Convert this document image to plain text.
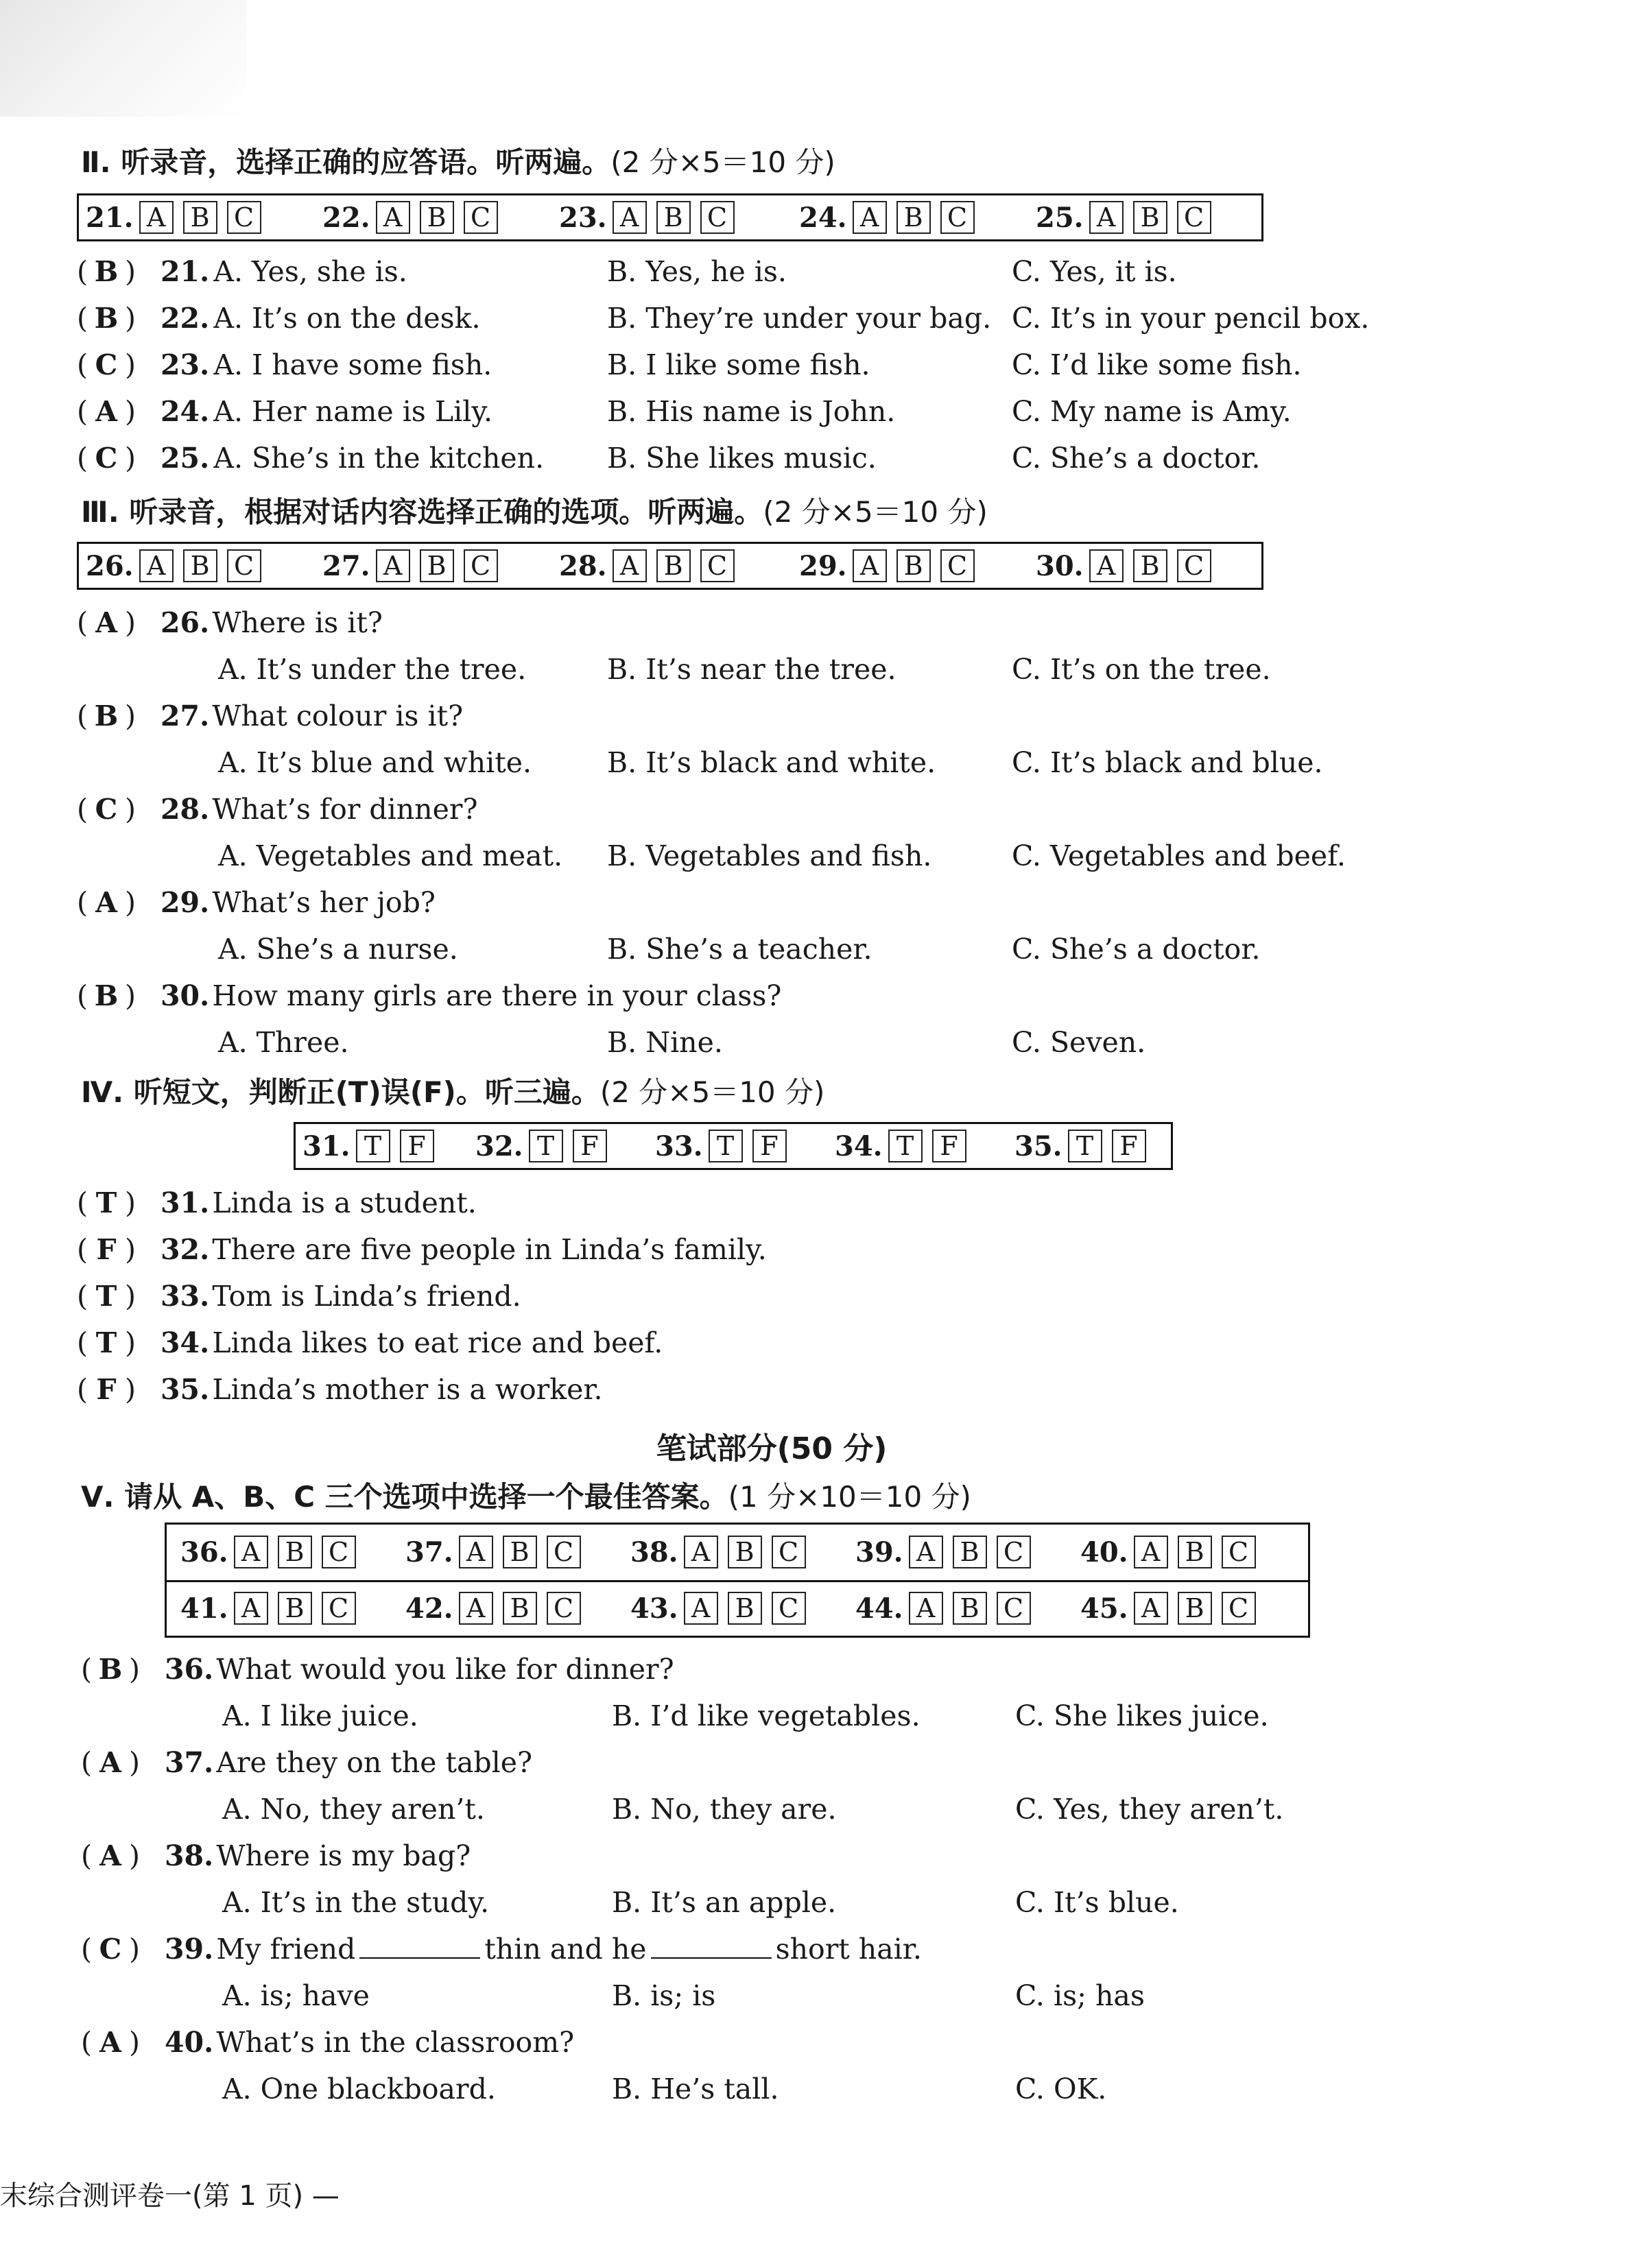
Ⅱ. 听录音，选择正确的应答语。听两遍。(2 分×5＝10 分)
21. A B C 22. A B C 23. A B C	24. A B C 25. A B C
( B ) 21. A. Yes, she is.	B. Yes, he is.	C. Yes, it is.
( B ) 22. A. It’s on the desk.	B. They’re under your bag. C. It’s in your pencil box.
( C ) 23. A. I have some fish.	B. I like some fish.	C. I’d like some fish.
( A ) 24. A. Her name is Lily.	B. His name is John.	C. My name is Amy.
( C ) 25. A. She’s in the kitchen. B. She likes music.	C. She’s a doctor.
Ⅲ. 听录音，根据对话内容选择正确的选项。听两遍。(2 分×5＝10 分)
26. A B C 27. A B C 28. A B C	29. A B C 30. A B C
( A ) 26.Where is it?
A. It’s under the tree.	B. It’s near the tree.	C. It’s on the tree.
( B ) 27.What colour is it?
A. It’s blue and white.	B. It’s black and white.	C. It’s black and blue.
( C ) 28.What’s for dinner?
A. Vegetables and meat. B. Vegetables and fish.	C. Vegetables and beef.
( A ) 29.What’s her job?
A. She’s a nurse.	B. She’s a teacher.	C. She’s a doctor.
( B ) 30.How many girls are there in your class?
A. Three.	B. Nine.	C. Seven.
Ⅳ. 听短文，判断正(T)误(F)。听三遍。(2 分×5＝10 分)
31. T	F 32. T	F 33. T	F 34. T	F 35. T	F
( T ) 31.Linda is a student.
( F ) 32.There are five people in Linda’s family.
( T ) 33.Tom is Linda’s friend.
( T ) 34.Linda likes to eat rice and beef.
( F ) 35.Linda’s mother is a worker.
笔试部分(50 分)
Ⅴ. 请从 A、B、C 三个选项中选择一个最佳答案。(1 分×10＝10 分)
36. A B C 37. A B C 38. A B C 39. A B C 40. A B C
41. A B C 42. A B C 43. A B C 44. A B C 45. A B C
( B ) 36.What would you like for dinner?
A. I like juice.	B. I’d like vegetables.	C. She likes juice.
( A ) 37.Are they on the table?
A. No, they aren’t.	B. No, they are.	C. Yes, they aren’t.
( A ) 38.Where is my bag?
A. It’s in the study.	B. It’s an apple.	C. It’s blue.
( C ) 39.My friend	thin and he	short hair.
A. is; have	B. is; is	C. is; has
( A ) 40.What’s in the classroom?
A. One blackboard.	B. He’s tall.	C. OK.
末综合测评卷一(第 1 页) —
